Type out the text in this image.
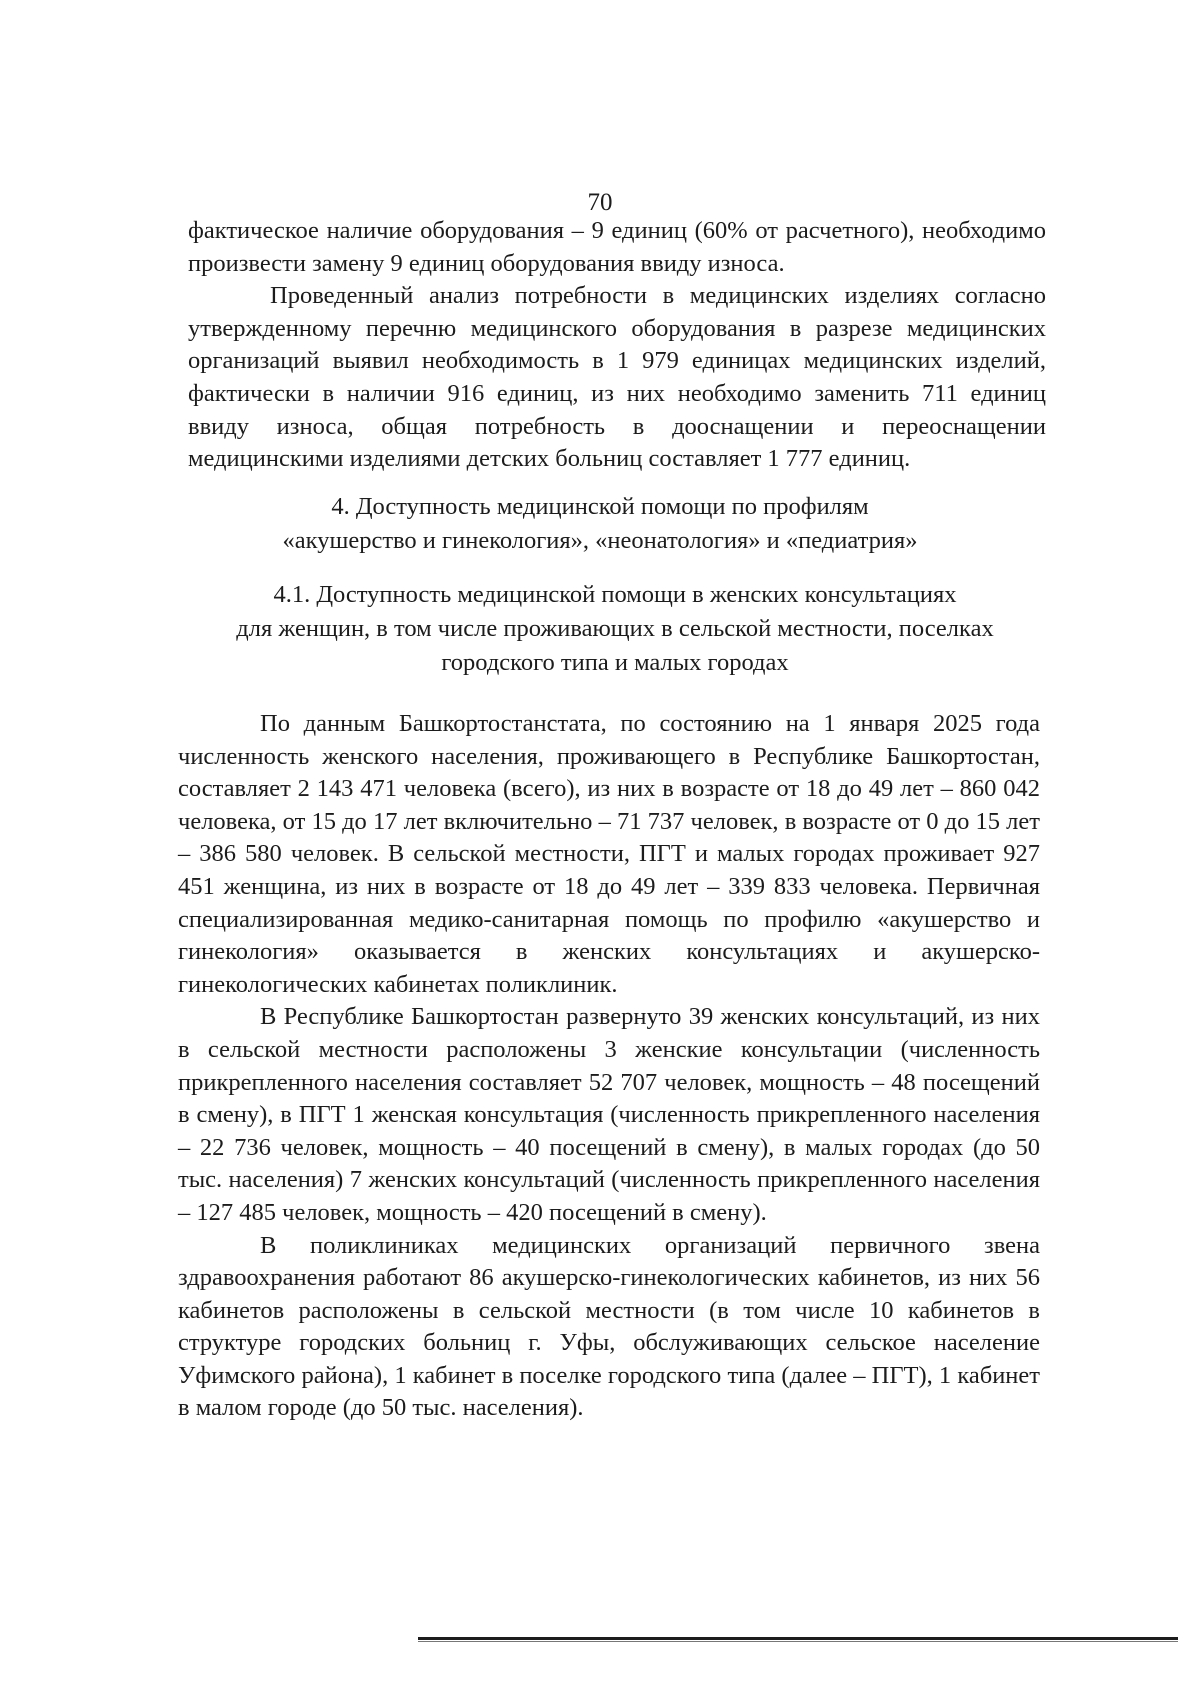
70

фактическое наличие оборудования – 9 единиц (60% от расчетного), необходимо произвести замену 9 единиц оборудования ввиду износа.

Проведенный анализ потребности в медицинских изделиях согласно утвержденному перечню медицинского оборудования в разрезе медицинских организаций выявил необходимость в 1 979 единицах медицинских изделий, фактически в наличии 916 единиц, из них необходимо заменить 711 единиц ввиду износа, общая потребность в дооснащении и переоснащении медицинскими изделиями детских больниц составляет 1 777 единиц.

4. Доступность медицинской помощи по профилям
«акушерство и гинекология», «неонатология» и «педиатрия»
4.1. Доступность медицинской помощи в женских консультациях
для женщин, в том числе проживающих в сельской местности, поселках
городского типа и малых городах

По данным Башкортостанстата, по состоянию на 1 января 2025 года численность женского населения, проживающего в Республике Башкортостан, составляет 2 143 471 человека (всего), из них в возрасте от 18 до 49 лет – 860 042 человека, от 15 до 17 лет включительно – 71 737 человек, в возрасте от 0 до 15 лет – 386 580 человек. В сельской местности, ПГТ и малых городах проживает 927 451 женщина, из них в возрасте от 18 до 49 лет – 339 833 человека. Первичная специализированная медико-санитарная помощь по профилю «акушерство и гинекология» оказывается в женских консультациях и акушерско-гинекологических кабинетах поликлиник.

В Республике Башкортостан развернуто 39 женских консультаций, из них в сельской местности расположены 3 женские консультации (численность прикрепленного населения составляет 52 707 человек, мощность – 48 посещений в смену), в ПГТ 1 женская консультация (численность прикрепленного населения – 22 736 человек, мощность – 40 посещений в смену), в малых городах (до 50 тыс. населения) 7 женских консультаций (численность прикрепленного населения – 127 485 человек, мощность – 420 посещений в смену).

В поликлиниках медицинских организаций первичного звена здравоохранения работают 86 акушерско-гинекологических кабинетов, из них 56 кабинетов расположены в сельской местности (в том числе 10 кабинетов в структуре городских больниц г. Уфы, обслуживающих сельское население Уфимского района), 1 кабинет в поселке городского типа (далее – ПГТ), 1 кабинет в малом городе (до 50 тыс. населения).
